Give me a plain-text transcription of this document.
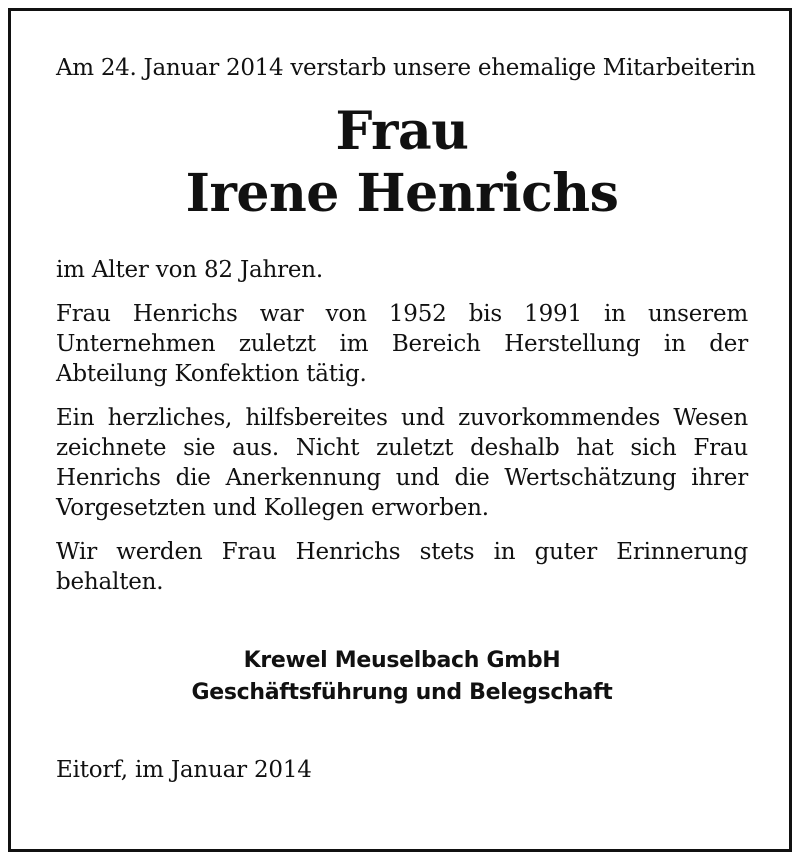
Am 24. Januar 2014 verstarb unsere ehemalige Mitarbeiterin

Frau

Irene Henrichs

im Alter von 82 Jahren.

Frau Henrichs war von 1952 bis 1991 in unserem Unternehmen zuletzt im Bereich Herstellung in der Abteilung Konfektion tätig.

Ein herzliches, hilfsbereites und zuvorkommendes Wesen zeichnete sie aus. Nicht zuletzt deshalb hat sich Frau Henrichs die Anerkennung und die Wertschätzung ihrer Vorgesetzten und Kollegen erworben.

Wir werden Frau Henrichs stets in guter Erinnerung behalten.

Krewel Meuselbach GmbH

Geschäftsführung und Belegschaft

Eitorf, im Januar 2014
